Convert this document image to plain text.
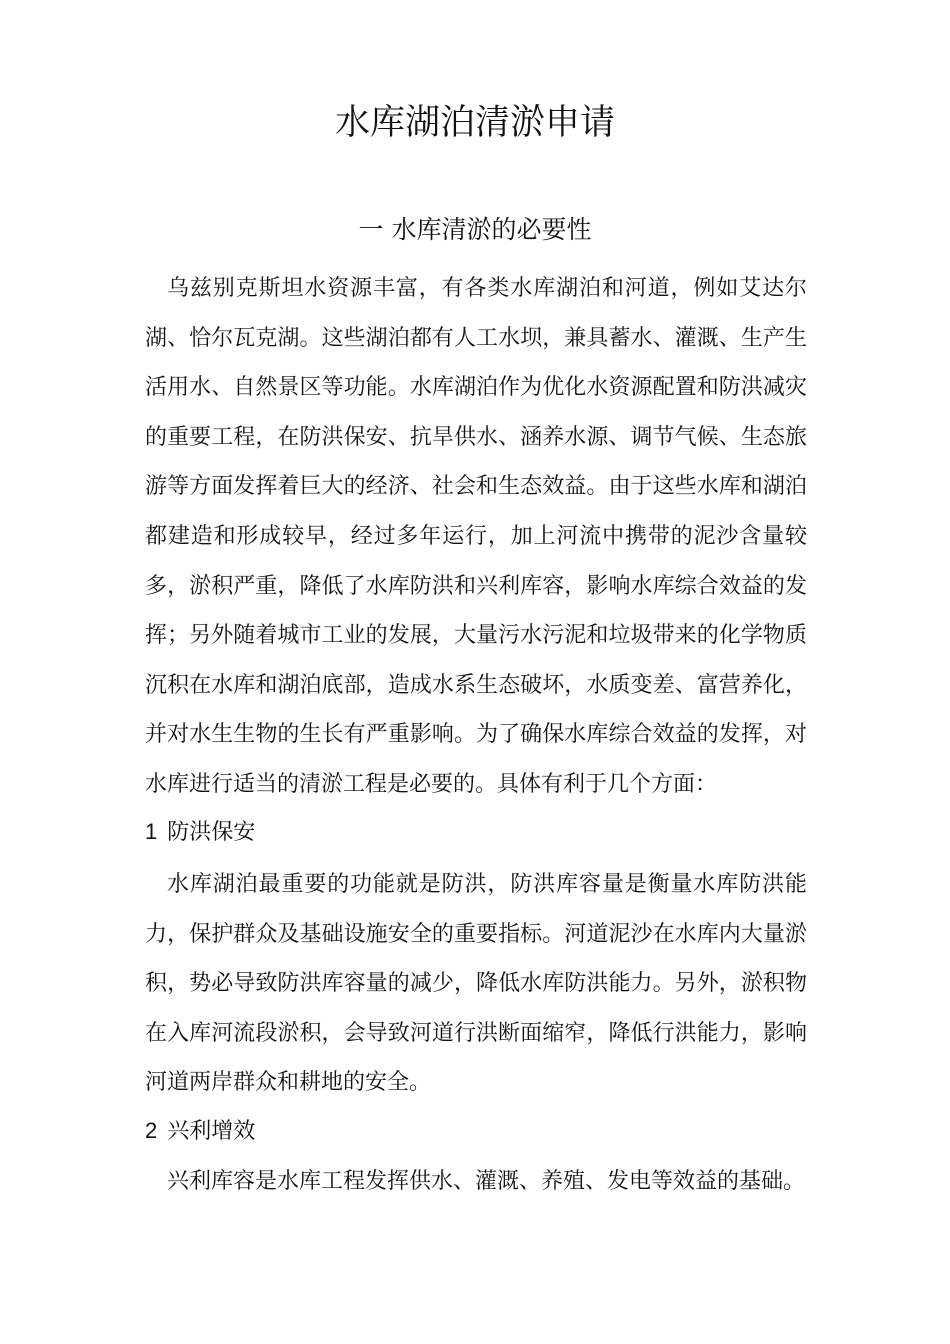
水库湖泊清淤申请
一 水库清淤的必要性

乌兹别克斯坦水资源丰富，有各类水库湖泊和河道，例如艾达尔湖、恰尔瓦克湖。这些湖泊都有人工水坝，兼具蓄水、灌溉、生产生活用水、自然景区等功能。水库湖泊作为优化水资源配置和防洪减灾的重要工程，在防洪保安、抗旱供水、涵养水源、调节气候、生态旅游等方面发挥着巨大的经济、社会和生态效益。由于这些水库和湖泊都建造和形成较早，经过多年运行，加上河流中携带的泥沙含量较多，淤积严重，降低了水库防洪和兴利库容，影响水库综合效益的发挥；另外随着城市工业的发展，大量污水污泥和垃圾带来的化学物质沉积在水库和湖泊底部，造成水系生态破坏，水质变差、富营养化，并对水生生物的生长有严重影响。为了确保水库综合效益的发挥，对水库进行适当的清淤工程是必要的。具体有利于几个方面：

1 防洪保安

水库湖泊最重要的功能就是防洪，防洪库容量是衡量水库防洪能力，保护群众及基础设施安全的重要指标。河道泥沙在水库内大量淤积，势必导致防洪库容量的减少，降低水库防洪能力。另外，淤积物在入库河流段淤积，会导致河道行洪断面缩窄，降低行洪能力，影响河道两岸群众和耕地的安全。

2 兴利增效

兴利库容是水库工程发挥供水、灌溉、养殖、发电等效益的基础。
